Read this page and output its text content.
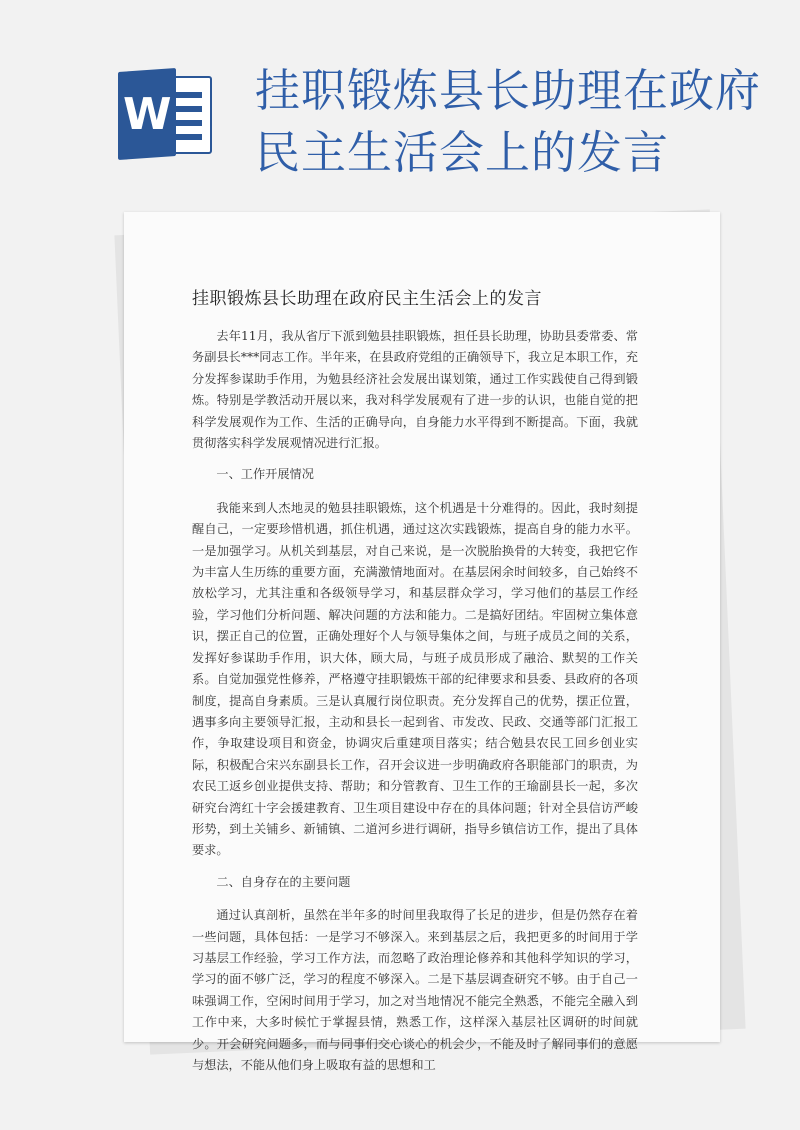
W 挂职锻炼县长助理在政府民主生活会上的发言
挂职锻炼县长助理在政府民主生活会上的发言

去年11月，我从省厅下派到勉县挂职锻炼，担任县长助理，协助县委常委、常务副县长***同志工作。半年来，在县政府党组的正确领导下，我立足本职工作，充分发挥参谋助手作用，为勉县经济社会发展出谋划策，通过工作实践使自己得到锻炼。特别是学教活动开展以来，我对科学发展观有了进一步的认识，也能自觉的把科学发展观作为工作、生活的正确导向，自身能力水平得到不断提高。下面，我就贯彻落实科学发展观情况进行汇报。

一、工作开展情况

我能来到人杰地灵的勉县挂职锻炼，这个机遇是十分难得的。因此，我时刻提醒自己，一定要珍惜机遇，抓住机遇，通过这次实践锻炼，提高自身的能力水平。一是加强学习。从机关到基层，对自己来说，是一次脱胎换骨的大转变，我把它作为丰富人生历练的重要方面，充满激情地面对。在基层闲余时间较多，自己始终不放松学习，尤其注重和各级领导学习，和基层群众学习，学习他们的基层工作经验，学习他们分析问题、解决问题的方法和能力。二是搞好团结。牢固树立集体意识，摆正自己的位置，正确处理好个人与领导集体之间，与班子成员之间的关系，发挥好参谋助手作用，识大体，顾大局，与班子成员形成了融洽、默契的工作关系。自觉加强党性修养，严格遵守挂职锻炼干部的纪律要求和县委、县政府的各项制度，提高自身素质。三是认真履行岗位职责。充分发挥自己的优势，摆正位置，遇事多向主要领导汇报，主动和县长一起到省、市发改、民政、交通等部门汇报工作，争取建设项目和资金，协调灾后重建项目落实；结合勉县农民工回乡创业实际，积极配合宋兴东副县长工作，召开会议进一步明确政府各职能部门的职责，为农民工返乡创业提供支持、帮助；和分管教育、卫生工作的王瑜副县长一起，多次研究台湾红十字会援建教育、卫生项目建设中存在的具体问题；针对全县信访严峻形势，到土关铺乡、新铺镇、二道河乡进行调研，指导乡镇信访工作，提出了具体要求。

二、自身存在的主要问题

通过认真剖析，虽然在半年多的时间里我取得了长足的进步，但是仍然存在着一些问题，具体包括：一是学习不够深入。来到基层之后，我把更多的时间用于学习基层工作经验，学习工作方法，而忽略了政治理论修养和其他科学知识的学习，学习的面不够广泛，学习的程度不够深入。二是下基层调查研究不够。由于自己一味强调工作，空闲时间用于学习，加之对当地情况不能完全熟悉，不能完全融入到工作中来，大多时候忙于掌握县情，熟悉工作，这样深入基层社区调研的时间就少。开会研究问题多，而与同事们交心谈心的机会少，不能及时了解同事们的意愿与想法，不能从他们身上吸取有益的思想和工
